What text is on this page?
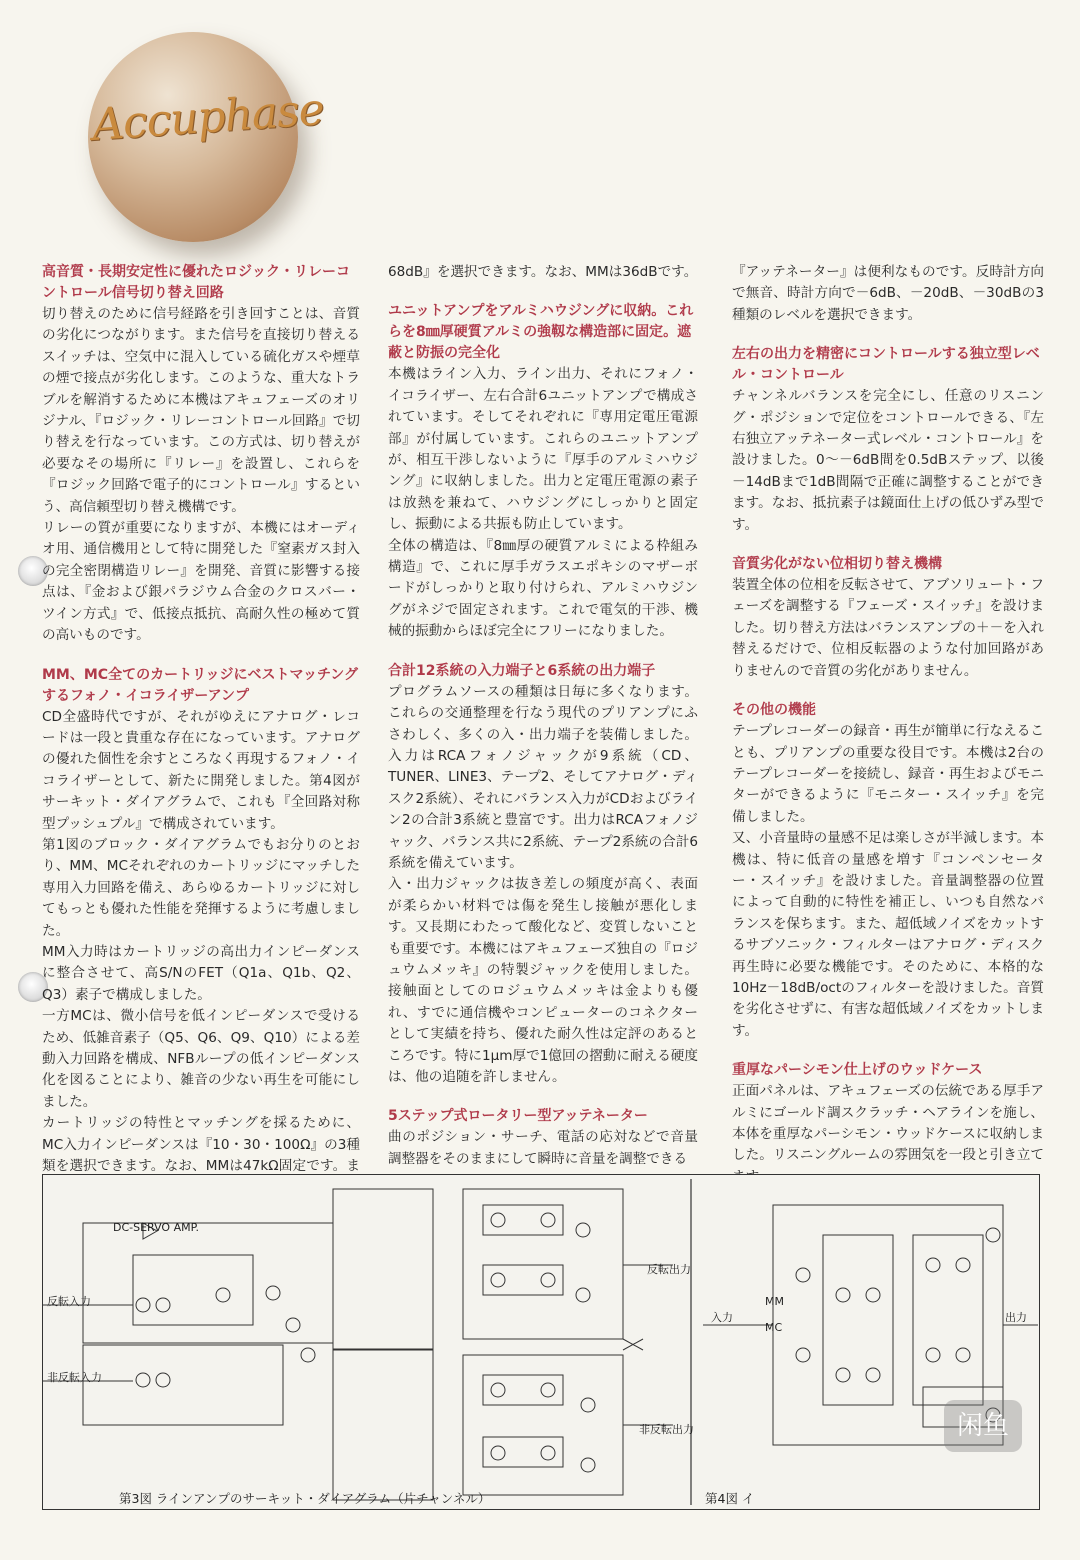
Accuphase

高音質・長期安定性に優れたロジック・リレーコントロール信号切り替え回路

切り替えのために信号経路を引き回すことは、音質の劣化につながります。また信号を直接切り替えるスイッチは、空気中に混入している硫化ガスや煙草の煙で接点が劣化します。このような、重大なトラブルを解消するために本機はアキュフェーズのオリジナル、『ロジック・リレーコントロール回路』で切り替えを行なっています。この方式は、切り替えが必要なその場所に『リレー』を設置し、これらを『ロジック回路で電子的にコントロール』するという、高信頼型切り替え機構です。

リレーの質が重要になりますが、本機にはオーディオ用、通信機用として特に開発した『窒素ガス封入の完全密閉構造リレー』を開発、音質に影響する接点は、『金および銀パラジウム合金のクロスバー・ツイン方式』で、低接点抵抗、高耐久性の極めて質の高いものです。

MM、MC全てのカートリッジにベストマッチングするフォノ・イコライザーアンプ

CD全盛時代ですが、それがゆえにアナログ・レコードは一段と貴重な存在になっています。アナログの優れた個性を余すところなく再現するフォノ・イコライザーとして、新たに開発しました。第4図がサーキット・ダイアグラムで、これも『全回路対称型プッシュプル』で構成されています。

第1図のブロック・ダイアグラムでもお分りのとおり、MM、MCそれぞれのカートリッジにマッチした専用入力回路を備え、あらゆるカートリッジに対してもっとも優れた性能を発揮するように考慮しました。

MM入力時はカートリッジの高出力インピーダンスに整合させて、高S/NのFET（Q1a、Q1b、Q2、Q3）素子で構成しました。

一方MCは、微小信号を低インピーダンスで受けるため、低雑音素子（Q5、Q6、Q9、Q10）による差動入力回路を構成、NFBループの低インピーダンス化を図ることにより、雑音の少ない再生を可能にしました。

カートリッジの特性とマッチングを採るために、MC入力インピーダンスは『10・30・100Ω』の3種類を選択できます。なお、MMは47kΩ固定です。ま

68dB』を選択できます。なお、MMは36dBです。

ユニットアンプをアルミハウジングに収納。これらを8㎜厚硬質アルミの強靱な構造部に固定。遮蔽と防振の完全化

本機はライン入力、ライン出力、それにフォノ・イコライザー、左右合計6ユニットアンプで構成されています。そしてそれぞれに『専用定電圧電源部』が付属しています。これらのユニットアンプが、相互干渉しないように『厚手のアルミハウジング』に収納しました。出力と定電圧電源の素子は放熱を兼ねて、ハウジングにしっかりと固定し、振動による共振も防止しています。

全体の構造は、『8㎜厚の硬質アルミによる枠組み構造』で、これに厚手ガラスエポキシのマザーボードがしっかりと取り付けられ、アルミハウジングがネジで固定されます。これで電気的干渉、機械的振動からほぼ完全にフリーになりました。

合計12系統の入力端子と6系統の出力端子

プログラムソースの種類は日毎に多くなります。これらの交通整理を行なう現代のプリアンプにふさわしく、多くの入・出力端子を装備しました。入力はRCAフォノジャックが9系統（CD、TUNER、LINE3、テープ2、そしてアナログ・ディスク2系統）、それにバランス入力がCDおよびライン2の合計3系統と豊富です。出力はRCAフォノジャック、バランス共に2系統、テープ2系統の合計6系統を備えています。

入・出力ジャックは抜き差しの頻度が高く、表面が柔らかい材料では傷を発生し接触が悪化します。又長期にわたって酸化など、変質しないことも重要です。本機にはアキュフェーズ独自の『ロジュウムメッキ』の特製ジャックを使用しました。接触面としてのロジュウムメッキは金よりも優れ、すでに通信機やコンピューターのコネクターとして実績を持ち、優れた耐久性は定評のあるところです。特に1μm厚で1億回の摺動に耐える硬度は、他の追随を許しません。

5ステップ式ロータリー型アッテネーター

曲のポジション・サーチ、電話の応対などで音量調整器をそのままにして瞬時に音量を調整できる

『アッテネーター』は便利なものです。反時計方向で無音、時計方向で－6dB、－20dB、－30dBの3種類のレベルを選択できます。

左右の出力を精密にコントロールする独立型レベル・コントロール

チャンネルバランスを完全にし、任意のリスニング・ポジションで定位をコントロールできる、『左右独立アッテネーター式レベル・コントロール』を設けました。0～－6dB間を0.5dBステップ、以後－14dBまで1dB間隔で正確に調整することができます。なお、抵抗素子は鏡面仕上げの低ひずみ型です。

音質劣化がない位相切り替え機構

装置全体の位相を反転させて、アブソリュート・フェーズを調整する『フェーズ・スイッチ』を設けました。切り替え方法はバランスアンプの＋－を入れ替えるだけで、位相反転器のような付加回路がありませんので音質の劣化がありません。

その他の機能

テープレコーダーの録音・再生が簡単に行なえることも、プリアンプの重要な役目です。本機は2台のテープレコーダーを接続し、録音・再生およびモニターができるように『モニター・スイッチ』を完備しました。

又、小音量時の量感不足は楽しさが半減します。本機は、特に低音の量感を増す『コンペンセーター・スイッチ』を設けました。音量調整器の位置によって自動的に特性を補正し、いつも自然なバランスを保ちます。また、超低域ノイズをカットするサブソニック・フィルターはアナログ・ディスク再生時に必要な機能です。そのために、本格的な10Hz－18dB/octのフィルターを設けました。音質を劣化させずに、有害な超低域ノイズをカットします。

重厚なパーシモン仕上げのウッドケース

正面パネルは、アキュフェーズの伝統である厚手アルミにゴールド調スクラッチ・ヘアラインを施し、本体を重厚なパーシモン・ウッドケースに収納しました。リスニングルームの雰囲気を一段と引き立て

DC-SERVO AMP.
反転入力
非反転入力
反転出力
非反転出力
入力	出力
MM
MC
第3図 ラインアンプのサーキット・ダイアグラム（片チャンネル）	第4図 イ
闲鱼
